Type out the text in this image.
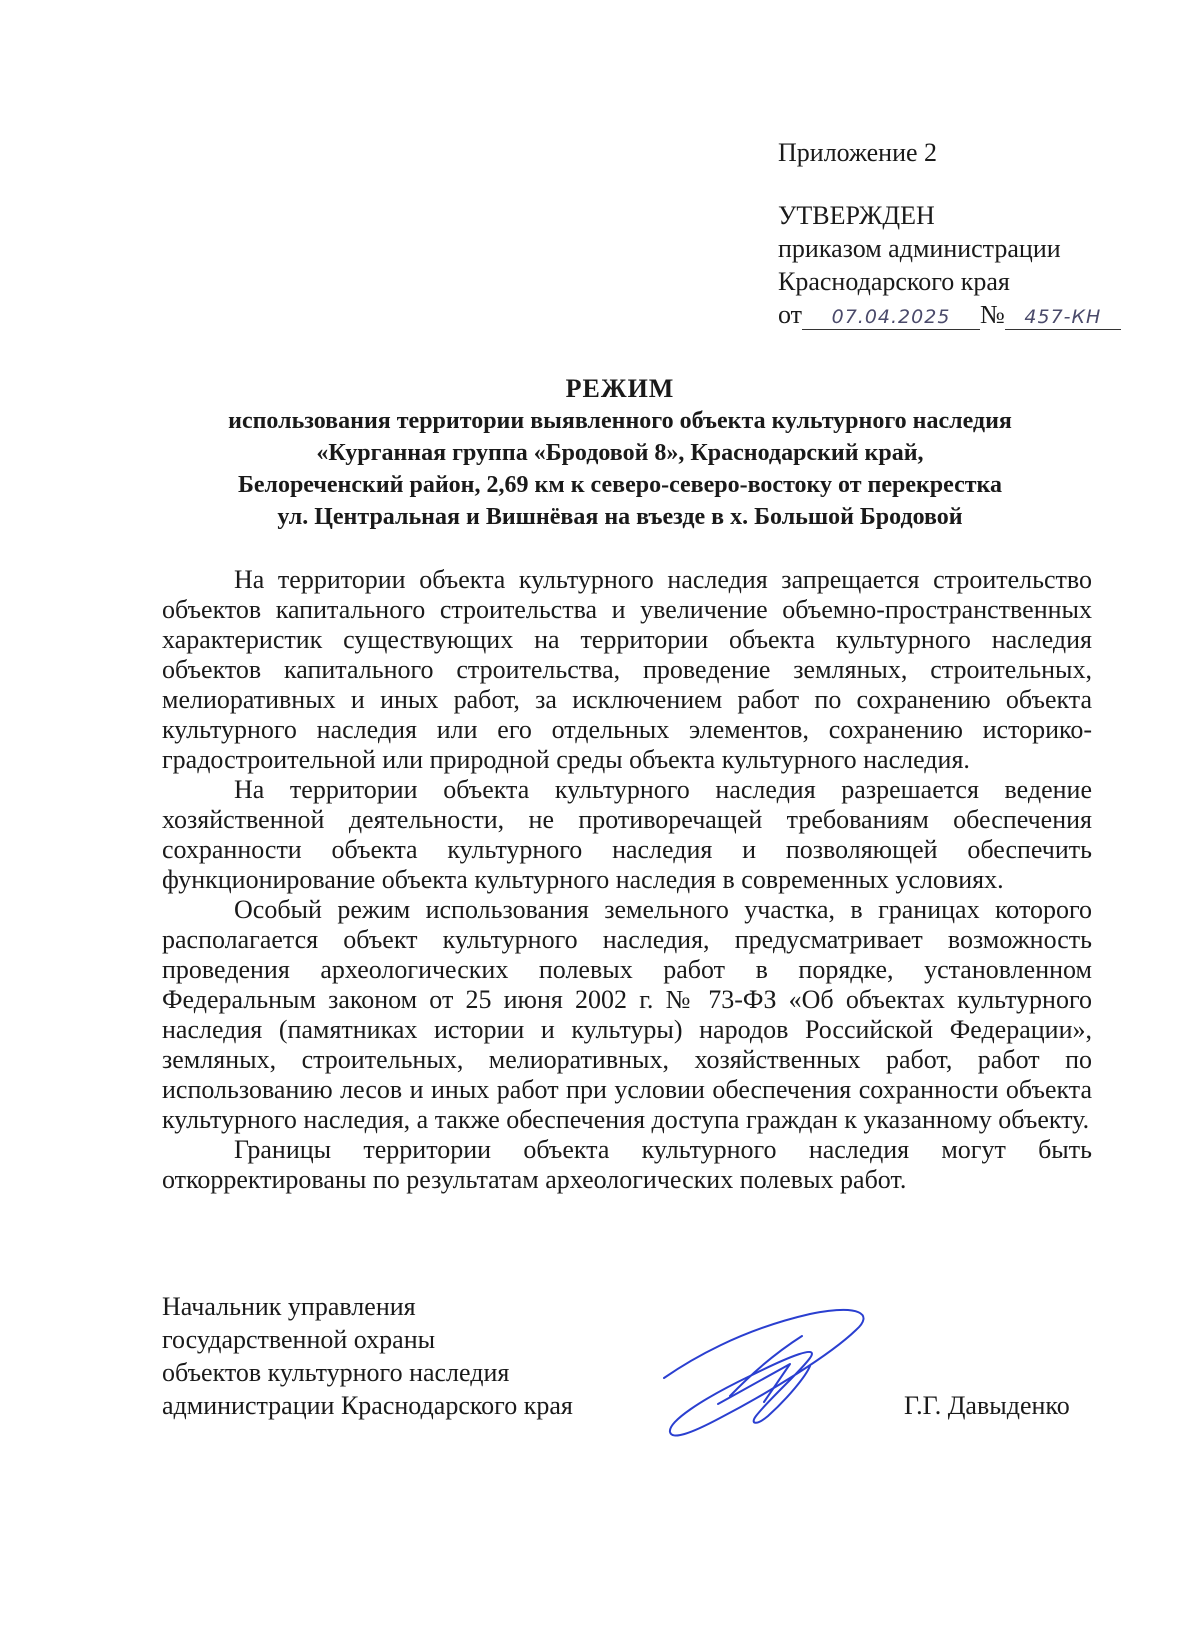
Приложение 2
УТВЕРЖДЕН
приказом администрации
Краснодарского края
от 07.04.2025 № 457-КН
РЕЖИМ
использования территории выявленного объекта культурного наследия
«Курганная группа «Бродовой 8», Краснодарский край,
Белореченский район, 2,69 км к северо-северо-востоку от перекрестка
ул. Центральная и Вишнёвая на въезде в х. Большой Бродовой

На территории объекта культурного наследия запрещается строительство объектов капитального строительства и увеличение объемно-пространственных характеристик существующих на территории объекта культурного наследия объектов капитального строительства, проведение земляных, строительных, мелиоративных и иных работ, за исключением работ по сохранению объекта культурного наследия или его отдельных элементов, сохранению историко-градостроительной или природной среды объекта культурного наследия.

На территории объекта культурного наследия разрешается ведение хозяйственной деятельности, не противоречащей требованиям обеспечения сохранности объекта культурного наследия и позволяющей обеспечить функционирование объекта культурного наследия в современных условиях.

Особый режим использования земельного участка, в границах которого располагается объект культурного наследия, предусматривает возможность проведения археологических полевых работ в порядке, установленном Федеральным законом от 25 июня 2002 г. № 73-ФЗ «Об объектах культурного наследия (памятниках истории и культуры) народов Российской Федерации», земляных, строительных, мелиоративных, хозяйственных работ, работ по использованию лесов и иных работ при условии обеспечения сохранности объекта культурного наследия, а также обеспечения доступа граждан к указанному объекту.

Границы территории объекта культурного наследия могут быть откорректированы по результатам археологических полевых работ.

Начальник управления
государственной охраны
объектов культурного наследия
администрации Краснодарского края	Г.Г. Давыденко
